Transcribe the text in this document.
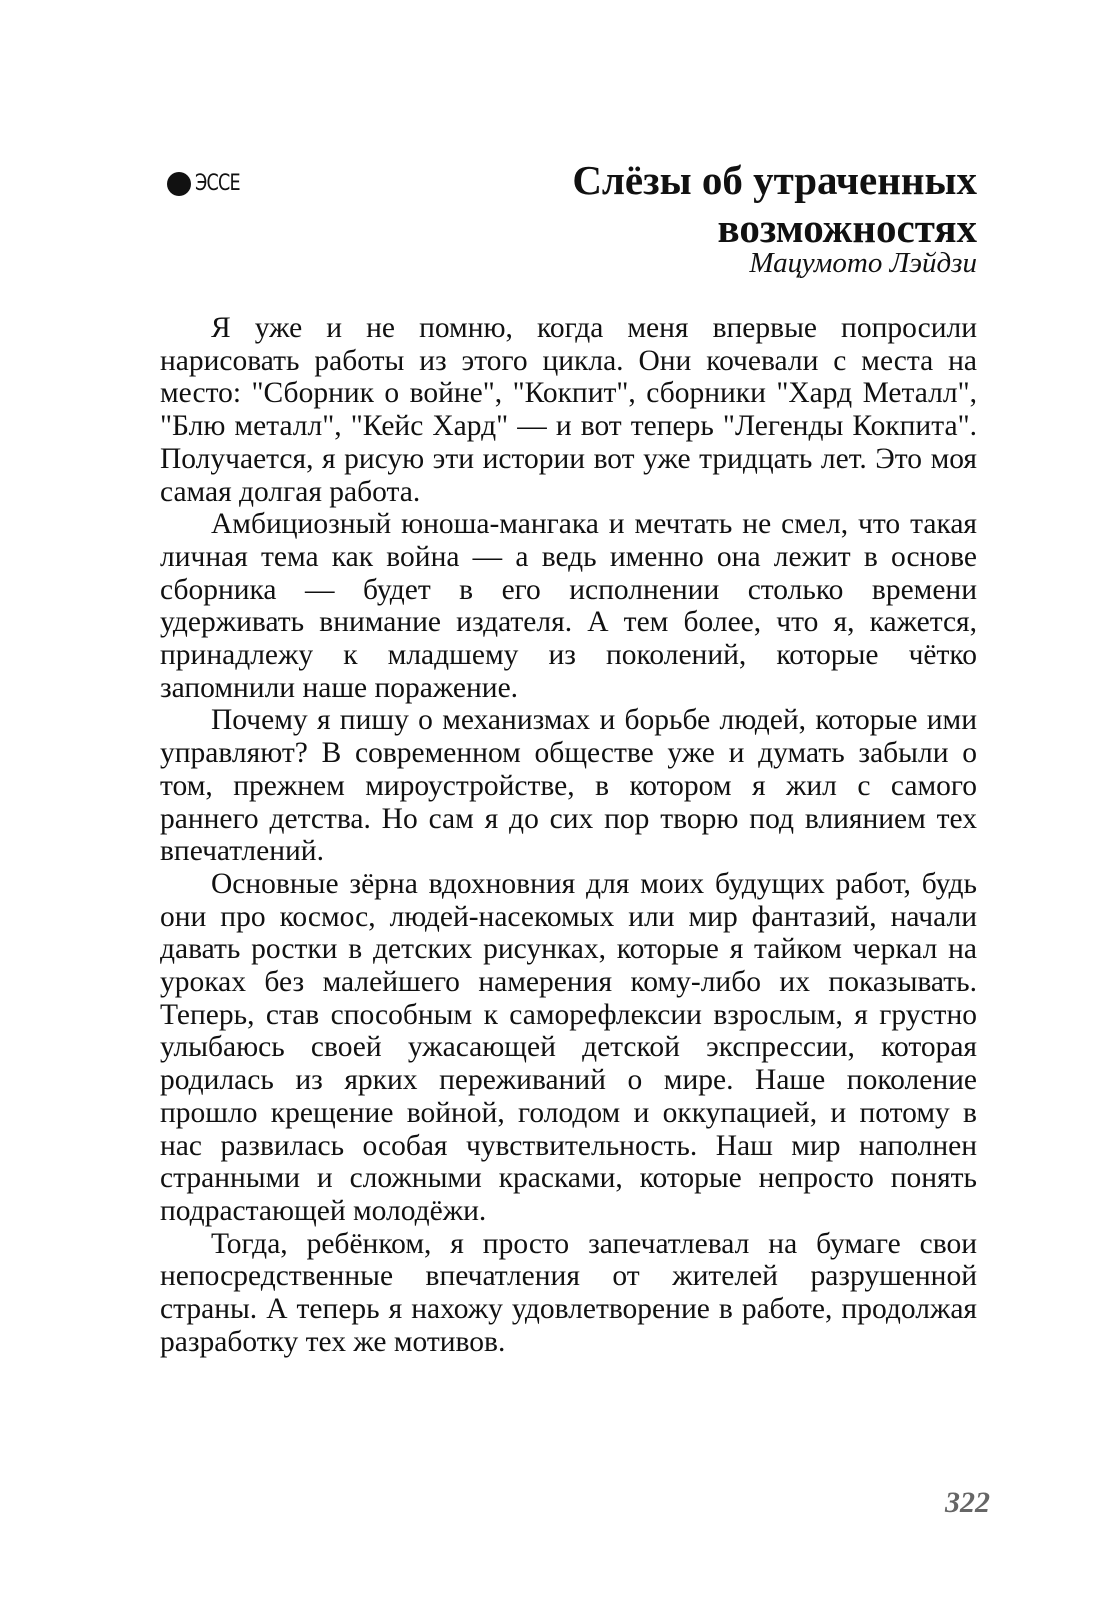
ЭССЕ	Слёзы об утраченных
возможностях
Мацумото Лэйдзи

Я уже и не помню, когда меня впервые попросили нарисовать работы из этого цикла. Они кочевали с места на место: "Сборник о войне", "Кокпит", сборники "Хард Металл", "Блю металл", "Кейс Хард" — и вот теперь "Легенды Кокпита". Получается, я рисую эти истории вот уже тридцать лет. Это моя самая долгая работа.

Амбициозный юноша-мангака и мечтать не смел, что такая личная тема как война — а ведь именно она лежит в основе сборника — будет в его исполнении столько времени удерживать внимание издателя. А тем более, что я, кажется, принадлежу к младшему из поколений, которые чётко запомнили наше поражение.

Почему я пишу о механизмах и борьбе людей, которые ими управляют? В современном обществе уже и думать забыли о том, прежнем мироустройстве, в котором я жил с самого раннего детства. Но сам я до сих пор творю под влиянием тех впечатлений.

Основные зёрна вдохновния для моих будущих работ, будь они про космос, людей-насекомых или мир фантазий, начали давать ростки в детских рисунках, которые я тайком черкал на уроках без малейшего намерения кому-либо их показывать. Теперь, став способным к саморефлексии взрослым, я грустно улыбаюсь своей ужасающей детской экспрессии, которая родилась из ярких переживаний о мире. Наше поколение прошло крещение войной, голодом и оккупацией, и потому в нас развилась особая чувствительность. Наш мир наполнен странными и сложными красками, которые непросто понять подрастающей молодёжи.

Тогда, ребёнком, я просто запечатлевал на бумаге свои непосредственные впечатления от жителей разрушенной страны. А теперь я нахожу удовлетворение в работе, продолжая разработку тех же мотивов.

322
